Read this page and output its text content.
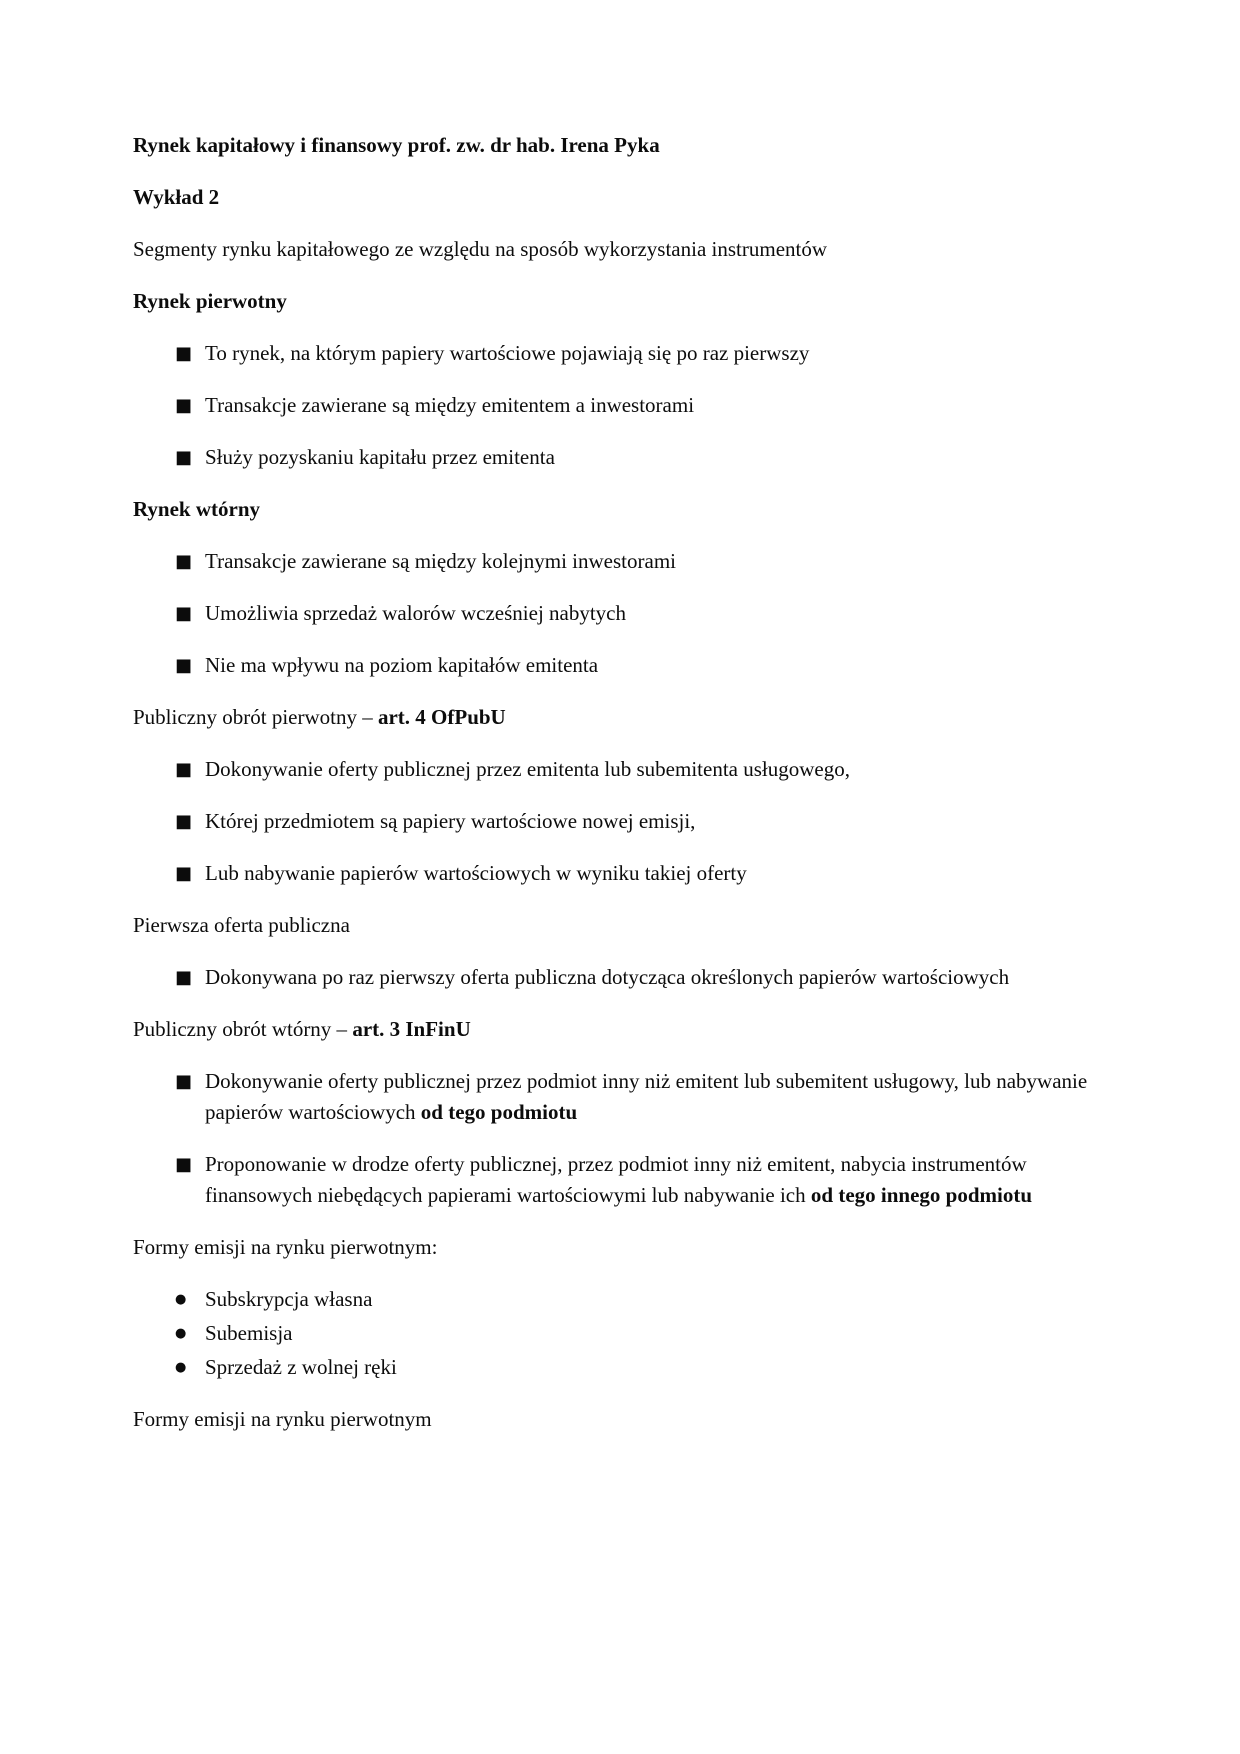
Rynek kapitałowy i finansowy prof. zw. dr hab. Irena Pyka

Wykład 2

Segmenty rynku kapitałowego ze względu na sposób wykorzystania instrumentów

Rynek pierwotny

■ To rynek, na którym papiery wartościowe pojawiają się po raz pierwszy
■ Transakcje zawierane są między emitentem a inwestorami
■ Służy pozyskaniu kapitału przez emitenta

Rynek wtórny

■ Transakcje zawierane są między kolejnymi inwestorami
■ Umożliwia sprzedaż walorów wcześniej nabytych
■ Nie ma wpływu na poziom kapitałów emitenta

Publiczny obrót pierwotny – art. 4 OfPubU

■ Dokonywanie oferty publicznej przez emitenta lub subemitenta usługowego,
■ Której przedmiotem są papiery wartościowe nowej emisji,
■ Lub nabywanie papierów wartościowych w wyniku takiej oferty

Pierwsza oferta publiczna

■ Dokonywana po raz pierwszy oferta publiczna dotycząca określonych papierów wartościowych

Publiczny obrót wtórny – art. 3 InFinU

■ Dokonywanie oferty publicznej przez podmiot inny niż emitent lub subemitent usługowy, lub nabywanie papierów wartościowych od tego podmiotu
■ Proponowanie w drodze oferty publicznej, przez podmiot inny niż emitent, nabycia instrumentów finansowych niebędących papierami wartościowymi lub nabywanie ich od tego innego podmiotu

Formy emisji na rynku pierwotnym:

● Subskrypcja własna
● Subemisja
● Sprzedaż z wolnej ręki

Formy emisji na rynku pierwotnym
